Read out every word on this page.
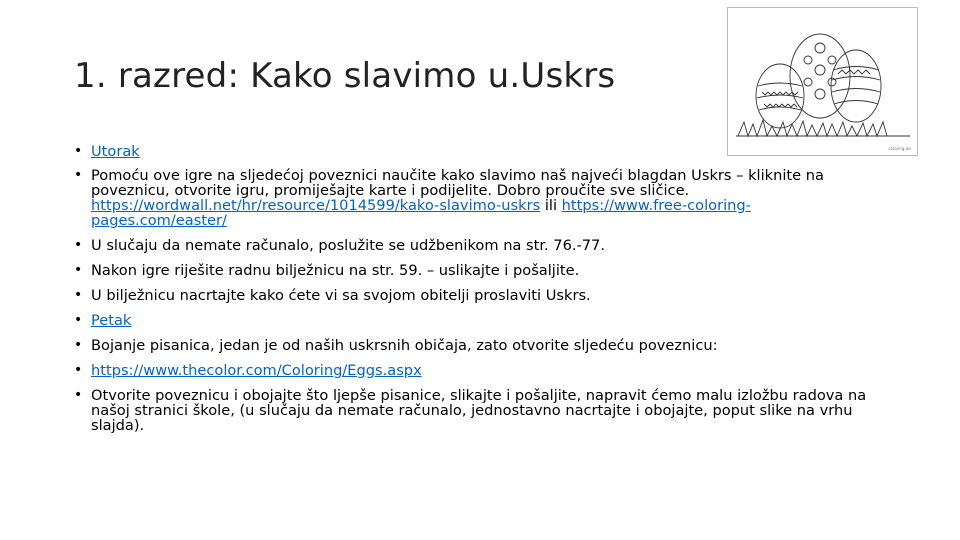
1. razred: Kako slavimo u.Uskrs
coloring.ws
• Utorak
• Pomoću ove igre na sljedećoj poveznici naučite kako slavimo naš najveći blagdan Uskrs – kliknite na poveznicu, otvorite igru, promiješajte karte i podijelite. Dobro proučite sve sličice. https://wordwall.net/hr/resource/1014599/kako-slavimo-uskrs ili https://www.free-coloring-pages.com/easter/
• U slučaju da nemate računalo, poslužite se udžbenikom na str. 76.-77.
• Nakon igre riješite radnu bilježnicu na str. 59. – uslikajte i pošaljite.
• U bilježnicu nacrtajte kako ćete vi sa svojom obitelji proslaviti Uskrs.
• Petak
• Bojanje pisanica, jedan je od naših uskrsnih običaja, zato otvorite sljedeću poveznicu:
• https://www.thecolor.com/Coloring/Eggs.aspx
• Otvorite poveznicu i obojajte što ljepše pisanice, slikajte i pošaljite, napravit ćemo malu izložbu radova na našoj stranici škole, (u slučaju da nemate računalo, jednostavno nacrtajte i obojajte, poput slike na vrhu slajda).
